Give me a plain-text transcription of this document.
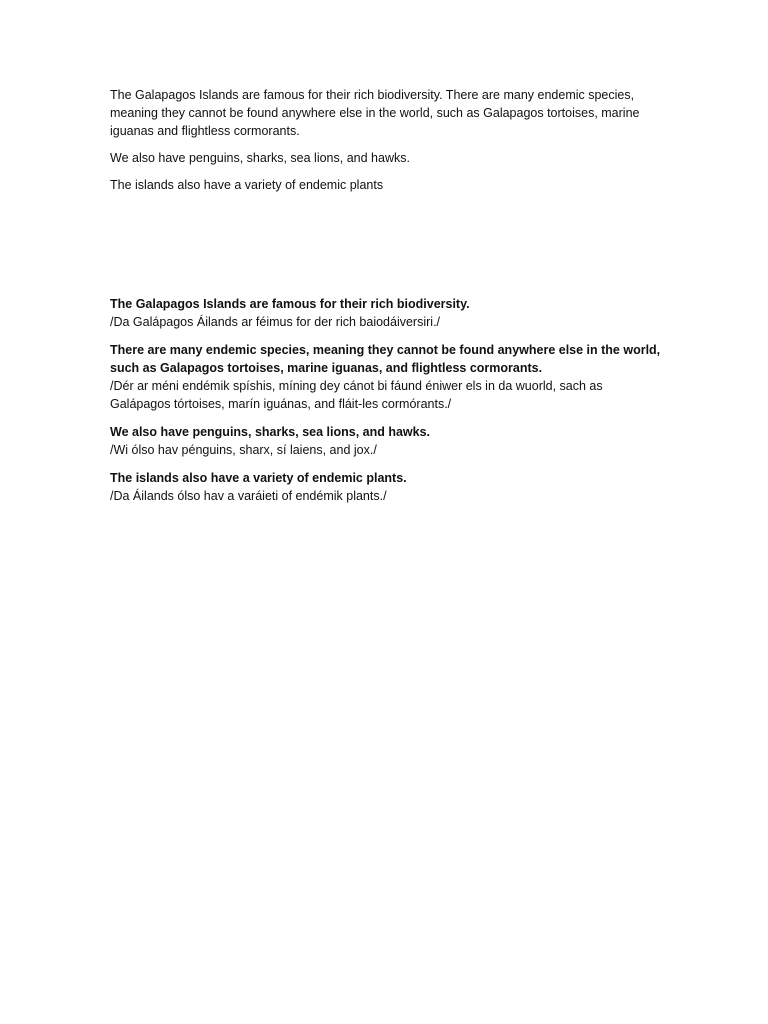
The Galapagos Islands are famous for their rich biodiversity. There are many endemic species, meaning they cannot be found anywhere else in the world, such as Galapagos tortoises, marine iguanas and flightless cormorants.

We also have penguins, sharks, sea lions, and hawks.

The islands also have a variety of endemic plants

The Galapagos Islands are famous for their rich biodiversity.
/Da Galápagos Áilands ar féimus for der rich baiodáiversiri./
There are many endemic species, meaning they cannot be found anywhere else in the world, such as Galapagos tortoises, marine iguanas, and flightless cormorants.
/Dér ar méni endémik spíshis, míning dey cánot bi fáund éniwer els in da wuorld, sach as Galápagos tórtoises, marín iguánas, and fláit-les cormórants./
We also have penguins, sharks, sea lions, and hawks.
/Wi ólso hav pénguins, sharx, sí laiens, and jox./
The islands also have a variety of endemic plants.
/Da Áilands ólso hav a varáieti of endémik plants./
